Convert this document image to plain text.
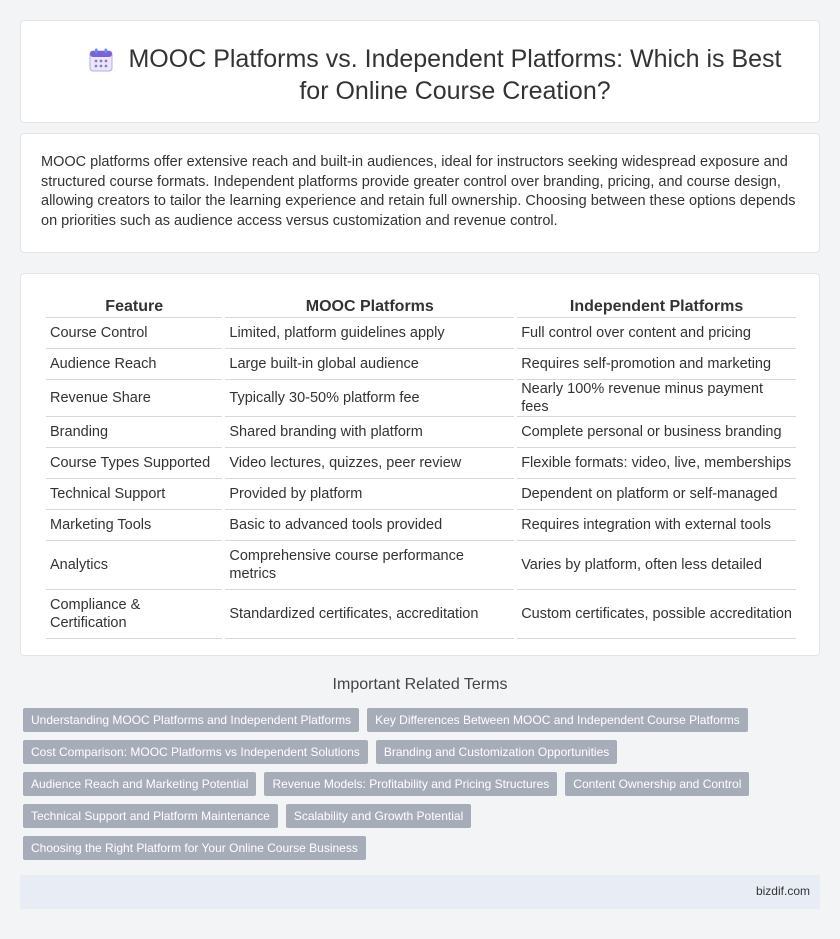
MOOC Platforms vs. Independent Platforms: Which is Best for Online Course Creation?

MOOC platforms offer extensive reach and built-in audiences, ideal for instructors seeking widespread exposure and structured course formats. Independent platforms provide greater control over branding, pricing, and course design, allowing creators to tailor the learning experience and retain full ownership. Choosing between these options depends on priorities such as audience access versus customization and revenue control.

Feature	MOOC Platforms	Independent Platforms
Course Control	Limited, platform guidelines apply	Full control over content and pricing
Audience Reach	Large built-in global audience	Requires self-promotion and marketing
Revenue Share	Typically 30-50% platform fee	Nearly 100% revenue minus payment fees
Branding	Shared branding with platform	Complete personal or business branding
Course Types Supported	Video lectures, quizzes, peer review	Flexible formats: video, live, memberships
Technical Support	Provided by platform	Dependent on platform or self-managed
Marketing Tools	Basic to advanced tools provided	Requires integration with external tools
Analytics	Comprehensive course performance metrics	Varies by platform, often less detailed
Compliance & Certification	Standardized certificates, accreditation	Custom certificates, possible accreditation
Important Related Terms
Understanding MOOC Platforms and Independent Platforms	Key Differences Between MOOC and Independent Course Platforms
Cost Comparison: MOOC Platforms vs Independent Solutions	Branding and Customization Opportunities
Audience Reach and Marketing Potential	Revenue Models: Profitability and Pricing Structures	Content Ownership and Control
Technical Support and Platform Maintenance	Scalability and Growth Potential
Choosing the Right Platform for Your Online Course Business
bizdif.com
